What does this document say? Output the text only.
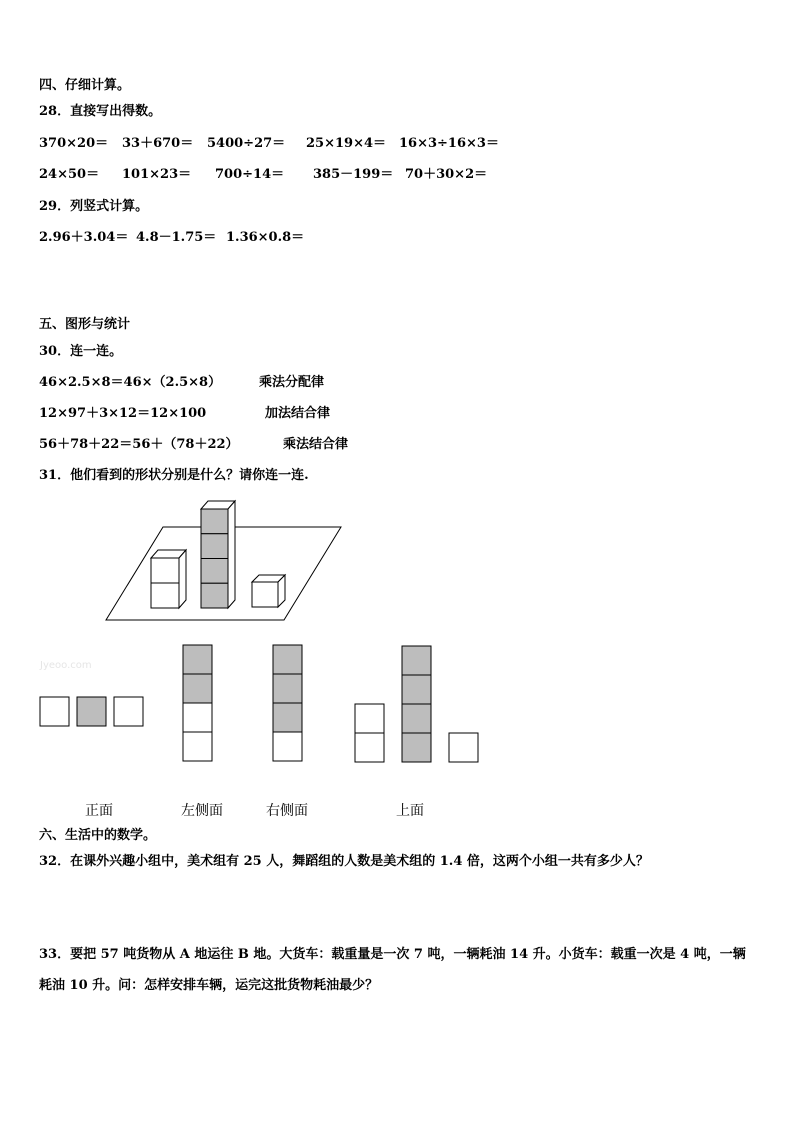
四、仔细计算。
28．直接写出得数。
370×20＝ 33＋670＝ 5400÷27＝ 25×19×4＝ 16×3÷16×3＝
24×50＝ 101×23＝ 700÷14＝ 385－199＝ 70＋30×2＝
29．列竖式计算。
2.96＋3.04＝ 4.8－1.75＝ 1.36×0.8＝
五、图形与统计
30．连一连。
46×2.5×8＝46×（2.5×8）
12×97＋3×12＝12×100
56＋78＋22＝56＋（78＋22）
乘法分配律
加法结合律
乘法结合律
31．他们看到的形状分别是什么？请你连一连.
Jyeoo.com
正面	左侧面	右侧面	上面
六、生活中的数学。
32．在课外兴趣小组中，美术组有 25 人，舞蹈组的人数是美术组的 1.4 倍，这两个小组一共有多少人？
33．要把 57 吨货物从 A 地运往 B 地。大货车：载重量是一次 7 吨，一辆耗油 14 升。小货车：载重一次是 4 吨，一辆
耗油 10 升。问：怎样安排车辆，运完这批货物耗油最少？
